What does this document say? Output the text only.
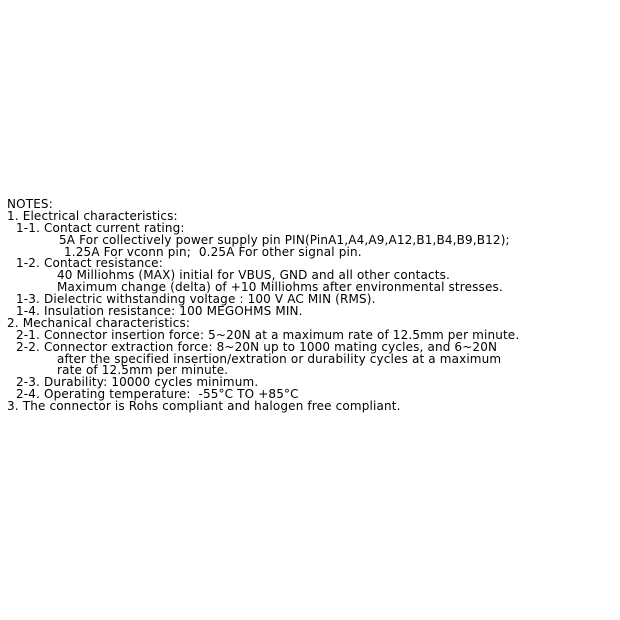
NOTES:
1. Electrical characteristics:
1-1. Contact current rating:
5A For collectively power supply pin PIN(PinA1,A4,A9,A12,B1,B4,B9,B12);
1.25A For vconn pin;  0.25A For other signal pin.
1-2. Contact resistance:
40 Milliohms (MAX) initial for VBUS, GND and all other contacts.
Maximum change (delta) of +10 Milliohms after environmental stresses.
1-3. Dielectric withstanding voltage : 100 V AC MIN (RMS).
1-4. Insulation resistance: 100 MEGOHMS MIN.
2. Mechanical characteristics:
2-1. Connector insertion force: 5~20N at a maximum rate of 12.5mm per minute.
2-2. Connector extraction force: 8~20N up to 1000 mating cycles, and 6~20N
after the specified insertion/extration or durability cycles at a maximum
rate of 12.5mm per minute.
2-3. Durability: 10000 cycles minimum.
2-4. Operating temperature:  -55°C TO +85°C
3. The connector is Rohs compliant and halogen free compliant.
